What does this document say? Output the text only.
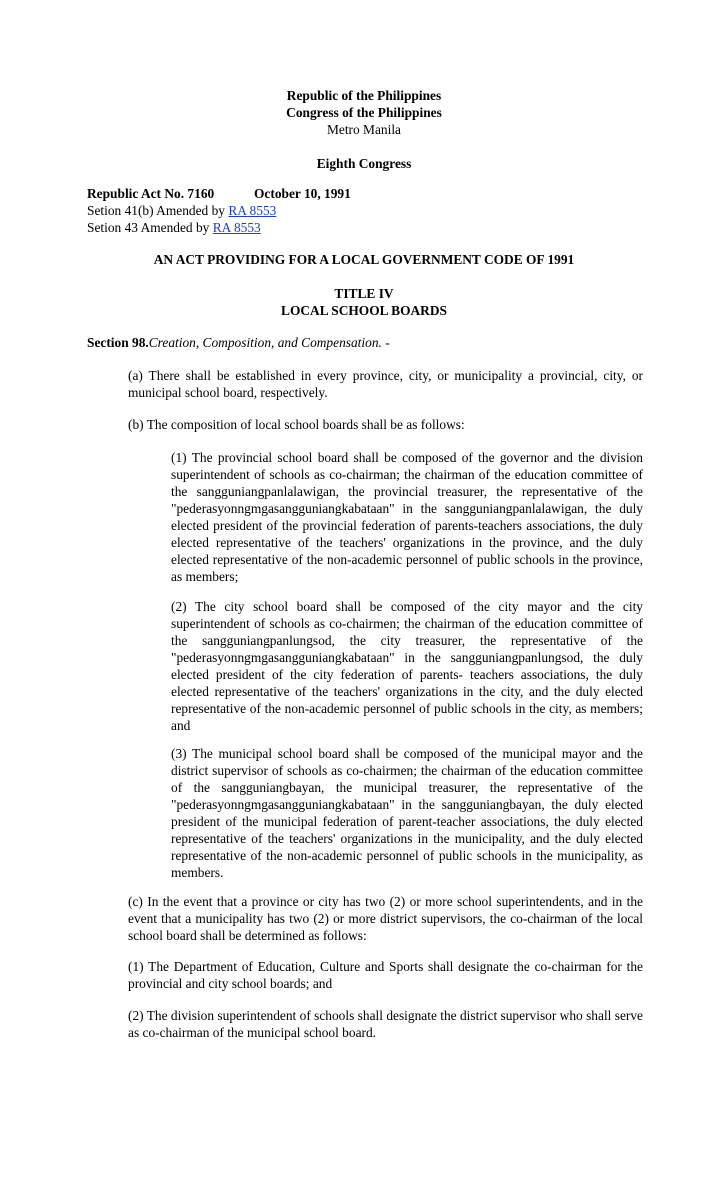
Republic of the Philippines
Congress of the Philippines
Metro Manila
Eighth Congress
Republic Act No. 7160	October 10, 1991
Setion 41(b) Amended by RA 8553
Setion 43 Amended by RA 8553
AN ACT PROVIDING FOR A LOCAL GOVERNMENT CODE OF 1991
TITLE IV
LOCAL SCHOOL BOARDS
Section 98.Creation, Composition, and Compensation. -
(a) There shall be established in every province, city, or municipality a provincial, city, or municipal school board, respectively.
(b) The composition of local school boards shall be as follows:
(1) The provincial school board shall be composed of the governor and the division superintendent of schools as co-chairman; the chairman of the education committee of the sangguniangpanlalawigan, the provincial treasurer, the representative of the "pederasyonngmgasangguniangkabataan" in the sangguniangpanlalawigan, the duly elected president of the provincial federation of parents-teachers associations, the duly elected representative of the teachers' organizations in the province, and the duly elected representative of the non-academic personnel of public schools in the province, as members;
(2) The city school board shall be composed of the city mayor and the city superintendent of schools as co-chairmen; the chairman of the education committee of the sangguniangpanlungsod, the city treasurer, the representative of the "pederasyonngmgasangguniangkabataan" in the sangguniangpanlungsod, the duly elected president of the city federation of parents- teachers associations, the duly elected representative of the teachers' organizations in the city, and the duly elected representative of the non-academic personnel of public schools in the city, as members; and
(3) The municipal school board shall be composed of the municipal mayor and the district supervisor of schools as co-chairmen; the chairman of the education committee of the sangguniangbayan, the municipal treasurer, the representative of the "pederasyonngmgasangguniangkabataan" in the sangguniangbayan, the duly elected president of the municipal federation of parent-teacher associations, the duly elected representative of the teachers' organizations in the municipality, and the duly elected representative of the non-academic personnel of public schools in the municipality, as members.
(c) In the event that a province or city has two (2) or more school superintendents, and in the event that a municipality has two (2) or more district supervisors, the co-chairman of the local school board shall be determined as follows:
(1) The Department of Education, Culture and Sports shall designate the co-chairman for the provincial and city school boards; and
(2) The division superintendent of schools shall designate the district supervisor who shall serve as co-chairman of the municipal school board.
